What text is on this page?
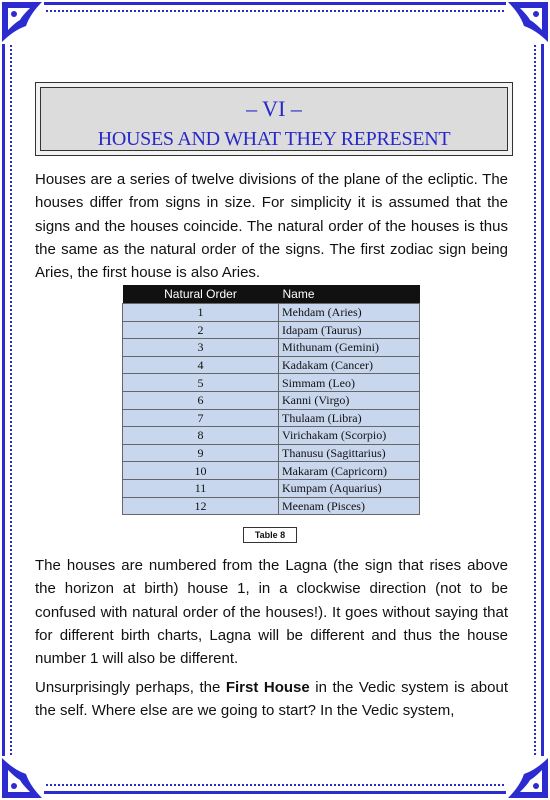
– VI –
HOUSES AND WHAT THEY REPRESENT
Houses are a series of twelve divisions of the plane of the ecliptic. The houses differ from signs in size. For simplicity it is assumed that the signs and the houses coincide. The natural order of the houses is thus the same as the natural order of the signs. The first zodiac sign being Aries, the first house is also Aries.
Natural Order	Name
1	Mehdam (Aries)
2	Idapam (Taurus)
3	Mithunam (Gemini)
4	Kadakam (Cancer)
5	Simmam (Leo)
6	Kanni (Virgo)
7	Thulaam (Libra)
8	Virichakam (Scorpio)
9	Thanusu (Sagittarius)
10	Makaram (Capricorn)
11	Kumpam (Aquarius)
12	Meenam (Pisces)
Table 8
The houses are numbered from the Lagna (the sign that rises above the horizon at birth) house 1, in a clockwise direction (not to be confused with natural order of the houses!). It goes without saying that for different birth charts, Lagna will be different and thus the house number 1 will also be different.
Unsurprisingly perhaps, the First House in the Vedic system is about the self. Where else are we going to start? In the Vedic system,
